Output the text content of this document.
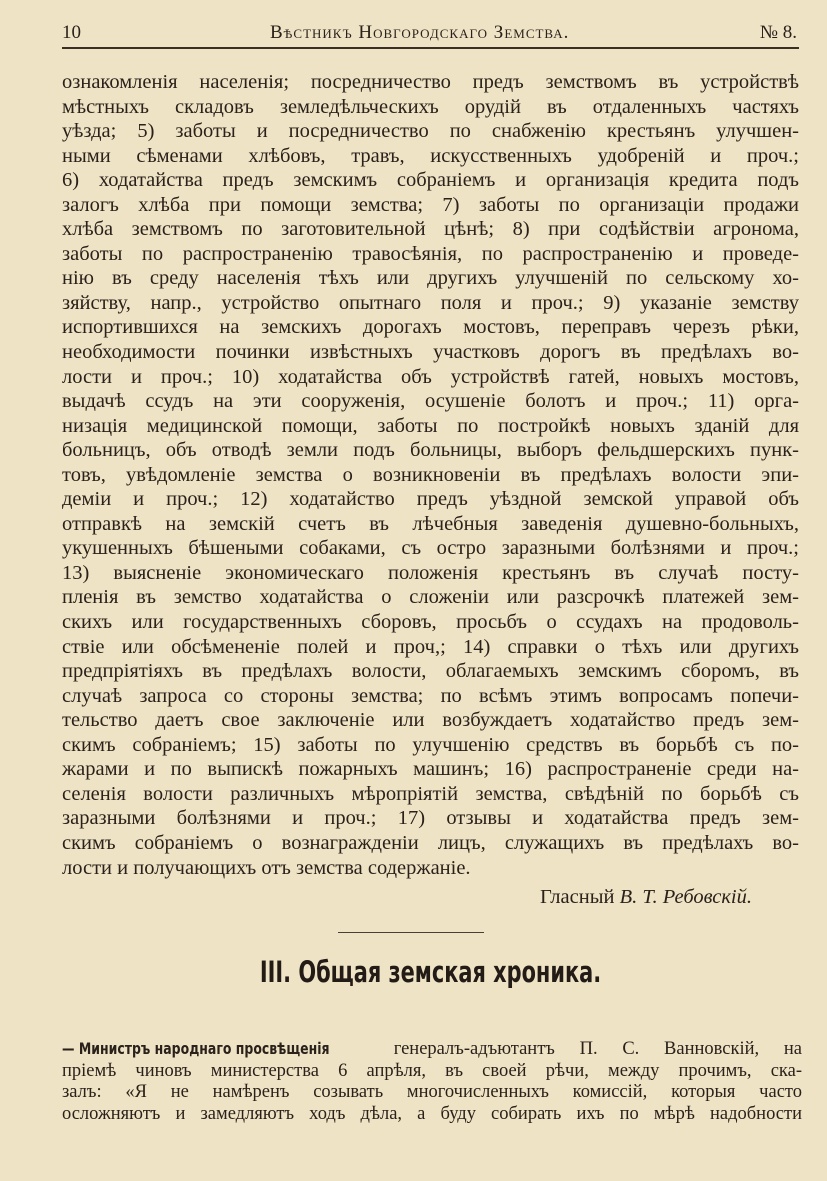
10	Вѣстникъ Новгородскаго Земства.	№ 8.
ознакомленія населенія; посредничество предъ земствомъ въ устройствѣ
мѣстныхъ складовъ земледѣльческихъ орудій въ отдаленныхъ частяхъ
уѣзда; 5) заботы и посредничество по снабженію крестьянъ улучшен-
ными сѣменами хлѣбовъ, травъ, искусственныхъ удобреній и проч.;
6) ходатайства предъ земскимъ собраніемъ и организація кредита подъ
залогъ хлѣба при помощи земства; 7) заботы по организаціи продажи
хлѣба земствомъ по заготовительной цѣнѣ; 8) при содѣйствіи агронома,
заботы по распространенію травосѣянія, по распространенію и проведе-
нію въ среду населенія тѣхъ или другихъ улучшеній по сельскому хо-
зяйству, напр., устройство опытнаго поля и проч.; 9) указаніе земству
испортившихся на земскихъ дорогахъ мостовъ, переправъ черезъ рѣки,
необходимости починки извѣстныхъ участковъ дорогъ въ предѣлахъ во-
лости и проч.; 10) ходатайства объ устройствѣ гатей, новыхъ мостовъ,
выдачѣ ссудъ на эти сооруженія, осушеніе болотъ и проч.; 11) орга-
низація медицинской помощи, заботы по постройкѣ новыхъ зданій для
больницъ, объ отводѣ земли подъ больницы, выборъ фельдшерскихъ пунк-
товъ, увѣдомленіе земства о возникновеніи въ предѣлахъ волости эпи-
деміи и проч.; 12) ходатайство предъ уѣздной земской управой объ
отправкѣ на земскій счетъ въ лѣчебныя заведенія душевно-больныхъ,
укушенныхъ бѣшеными собаками, съ остро заразными болѣзнями и проч.;
13) выясненіе экономическаго положенія крестьянъ въ случаѣ посту-
пленія въ земство ходатайства о сложеніи или разсрочкѣ платежей зем-
скихъ или государственныхъ сборовъ, просьбъ о ссудахъ на продоволь-
ствіе или обсѣмененіе полей и проч,; 14) справки о тѣхъ или другихъ
предпріятіяхъ въ предѣлахъ волости, облагаемыхъ земскимъ сборомъ, въ
случаѣ запроса со стороны земства; по всѣмъ этимъ вопросамъ попечи-
тельство даетъ свое заключеніе или возбуждаетъ ходатайство предъ зем-
скимъ собраніемъ; 15) заботы по улучшенію средствъ въ борьбѣ съ по-
жарами и по выпискѣ пожарныхъ машинъ; 16) распространеніе среди на-
селенія волости различныхъ мѣропріятій земства, свѣдѣній по борьбѣ съ
заразными болѣзнями и проч.; 17) отзывы и ходатайства предъ зем-
скимъ собраніемъ о вознагражденіи лицъ, служащихъ въ предѣлахъ во-
лости и получающихъ отъ земства содержаніе.
Гласный В. Т. Ребовскій.
III. Общая земская хроника.
— Министръ народнаго просвѣщенія генералъ-адъютантъ П. С. Ванновскій, на
пріемѣ чиновъ министерства 6 апрѣля, въ своей рѣчи, между прочимъ, ска-
залъ: «Я не намѣренъ созывать многочисленныхъ комиссій, которыя часто
осложняютъ и замедляютъ ходъ дѣла, а буду собирать ихъ по мѣрѣ надобности
